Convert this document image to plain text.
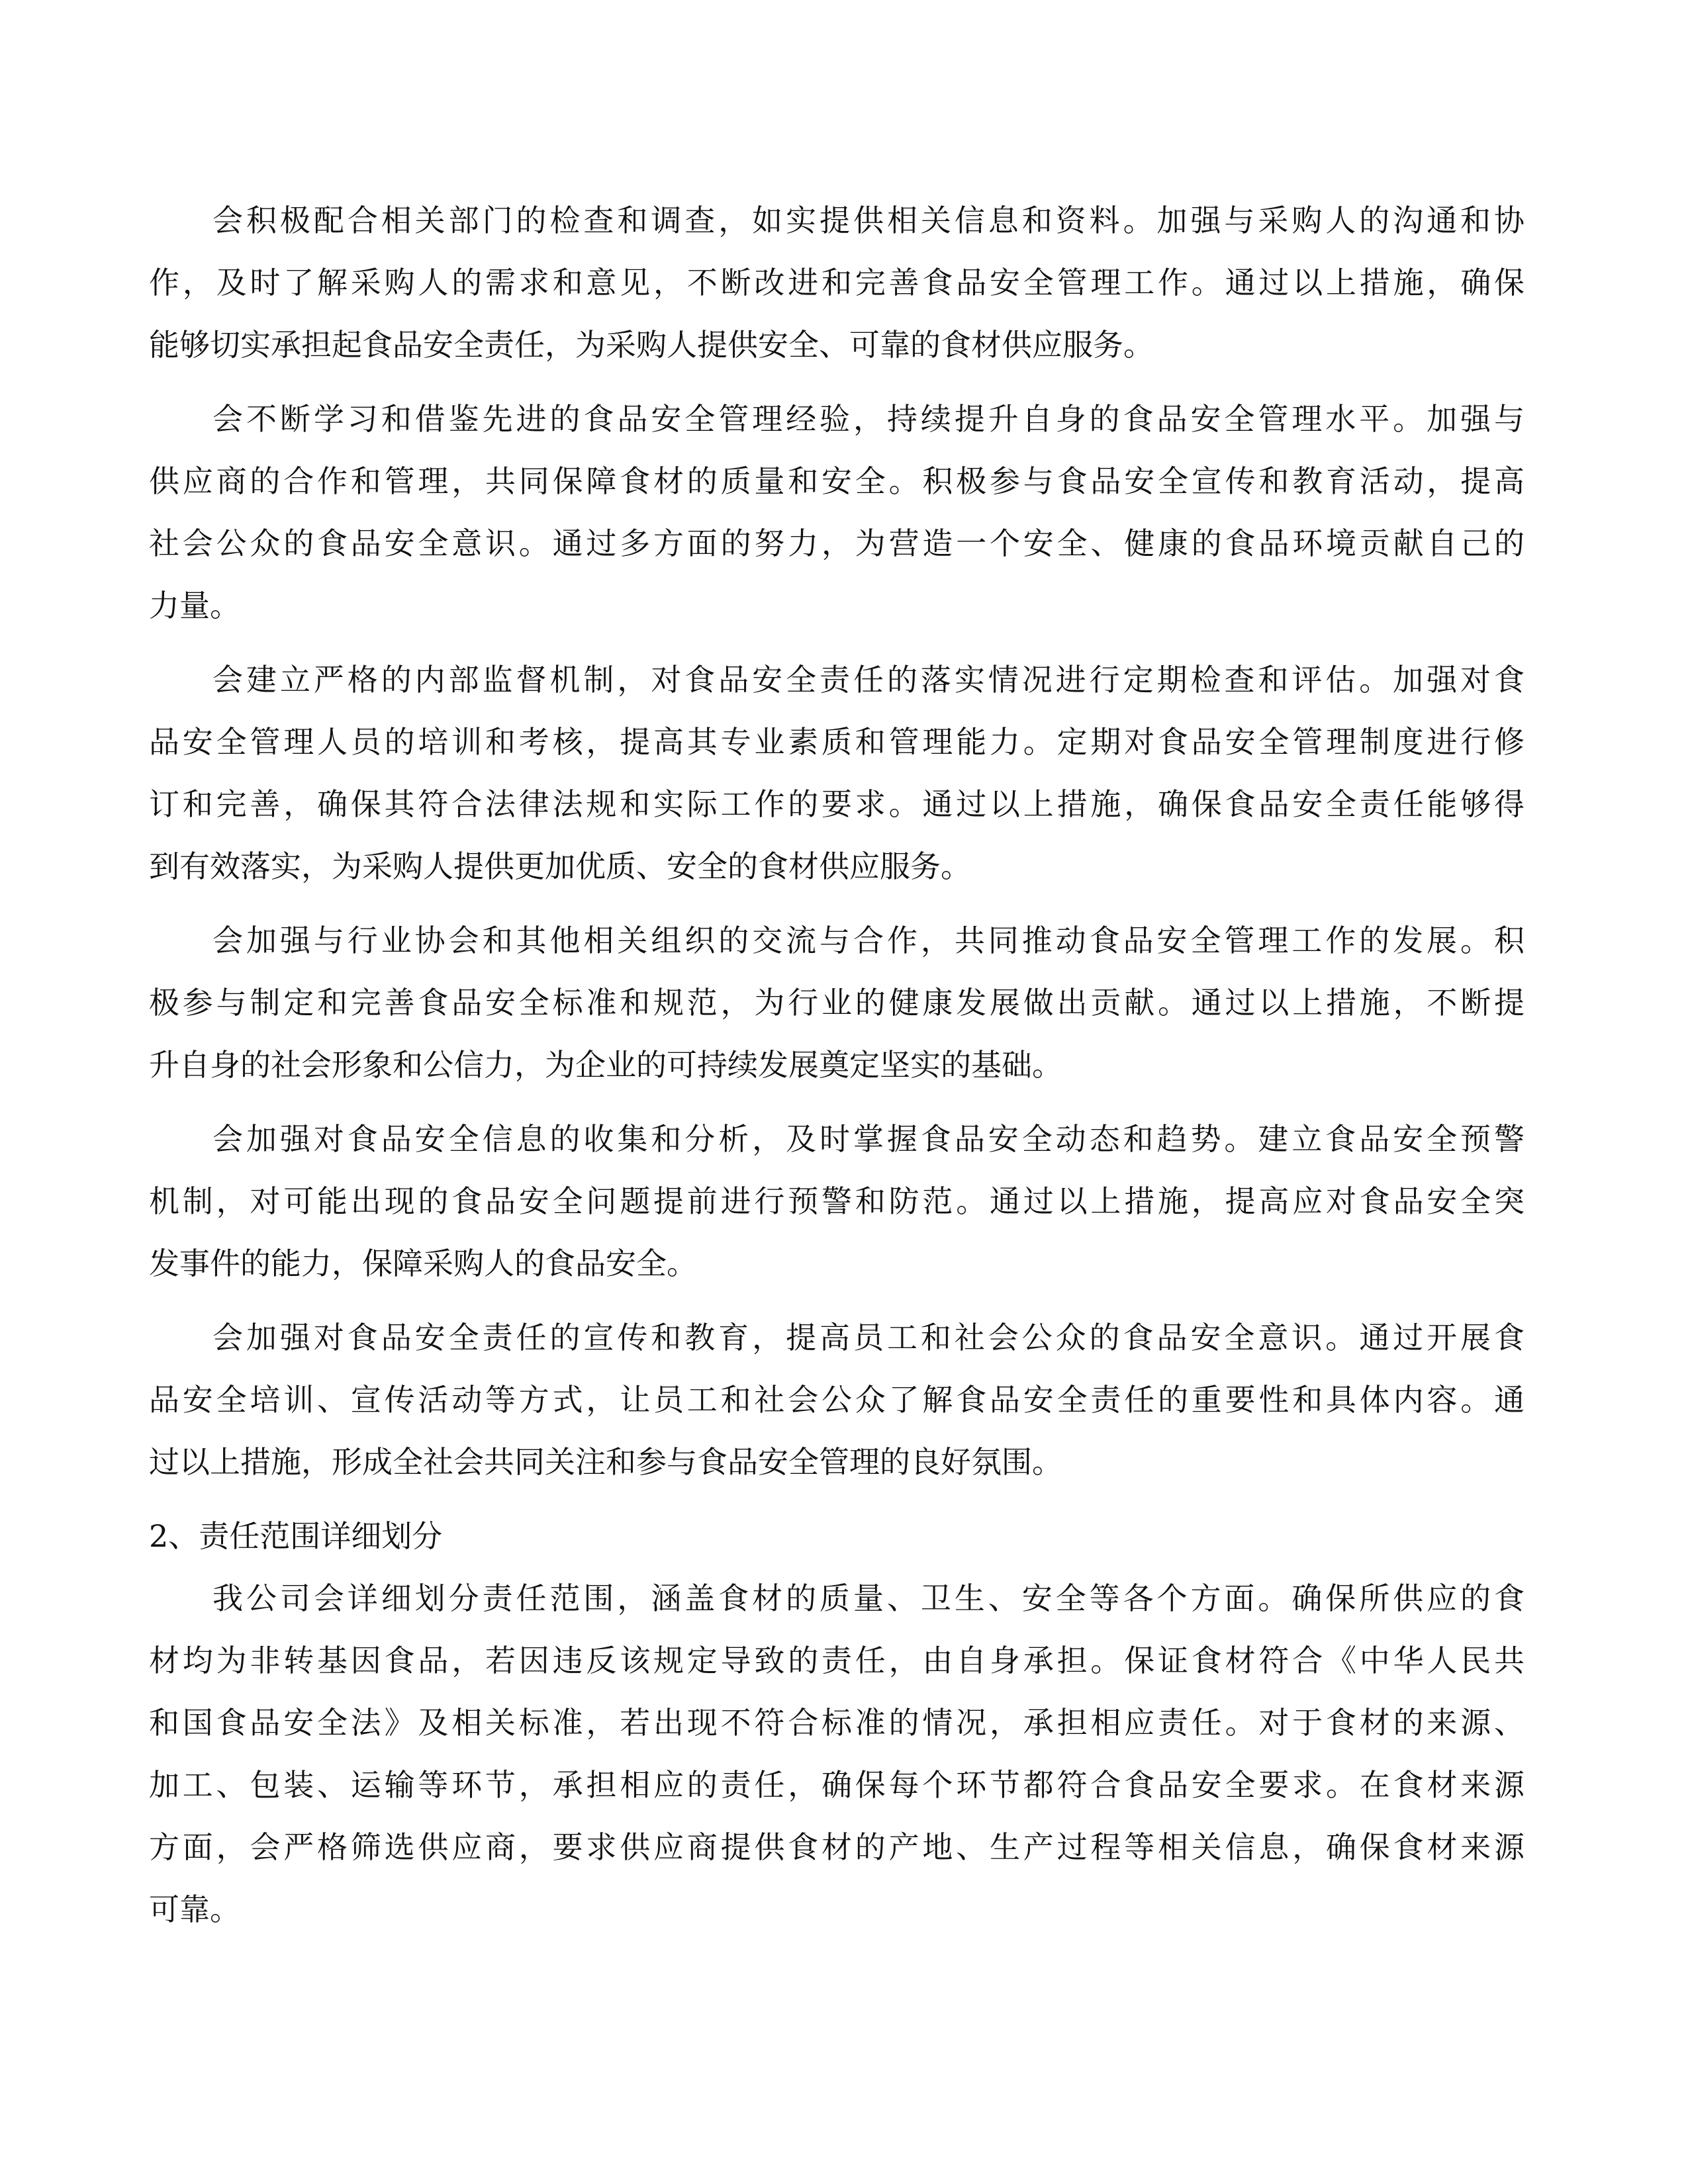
会积极配合相关部门的检查和调查，如实提供相关信息和资料。加强与采购人的沟通和协
作，及时了解采购人的需求和意见，不断改进和完善食品安全管理工作。通过以上措施，确保
能够切实承担起食品安全责任，为采购人提供安全、可靠的食材供应服务。
会不断学习和借鉴先进的食品安全管理经验，持续提升自身的食品安全管理水平。加强与
供应商的合作和管理，共同保障食材的质量和安全。积极参与食品安全宣传和教育活动，提高
社会公众的食品安全意识。通过多方面的努力，为营造一个安全、健康的食品环境贡献自己的
力量。
会建立严格的内部监督机制，对食品安全责任的落实情况进行定期检查和评估。加强对食
品安全管理人员的培训和考核，提高其专业素质和管理能力。定期对食品安全管理制度进行修
订和完善，确保其符合法律法规和实际工作的要求。通过以上措施，确保食品安全责任能够得
到有效落实，为采购人提供更加优质、安全的食材供应服务。
会加强与行业协会和其他相关组织的交流与合作，共同推动食品安全管理工作的发展。积
极参与制定和完善食品安全标准和规范，为行业的健康发展做出贡献。通过以上措施，不断提
升自身的社会形象和公信力，为企业的可持续发展奠定坚实的基础。
会加强对食品安全信息的收集和分析，及时掌握食品安全动态和趋势。建立食品安全预警
机制，对可能出现的食品安全问题提前进行预警和防范。通过以上措施，提高应对食品安全突
发事件的能力，保障采购人的食品安全。
会加强对食品安全责任的宣传和教育，提高员工和社会公众的食品安全意识。通过开展食
品安全培训、宣传活动等方式，让员工和社会公众了解食品安全责任的重要性和具体内容。通
过以上措施，形成全社会共同关注和参与食品安全管理的良好氛围。
2、责任范围详细划分
我公司会详细划分责任范围，涵盖食材的质量、卫生、安全等各个方面。确保所供应的食
材均为非转基因食品，若因违反该规定导致的责任，由自身承担。保证食材符合《中华人民共
和国食品安全法》及相关标准，若出现不符合标准的情况，承担相应责任。对于食材的来源、
加工、包装、运输等环节，承担相应的责任，确保每个环节都符合食品安全要求。在食材来源
方面，会严格筛选供应商，要求供应商提供食材的产地、生产过程等相关信息，确保食材来源
可靠。
